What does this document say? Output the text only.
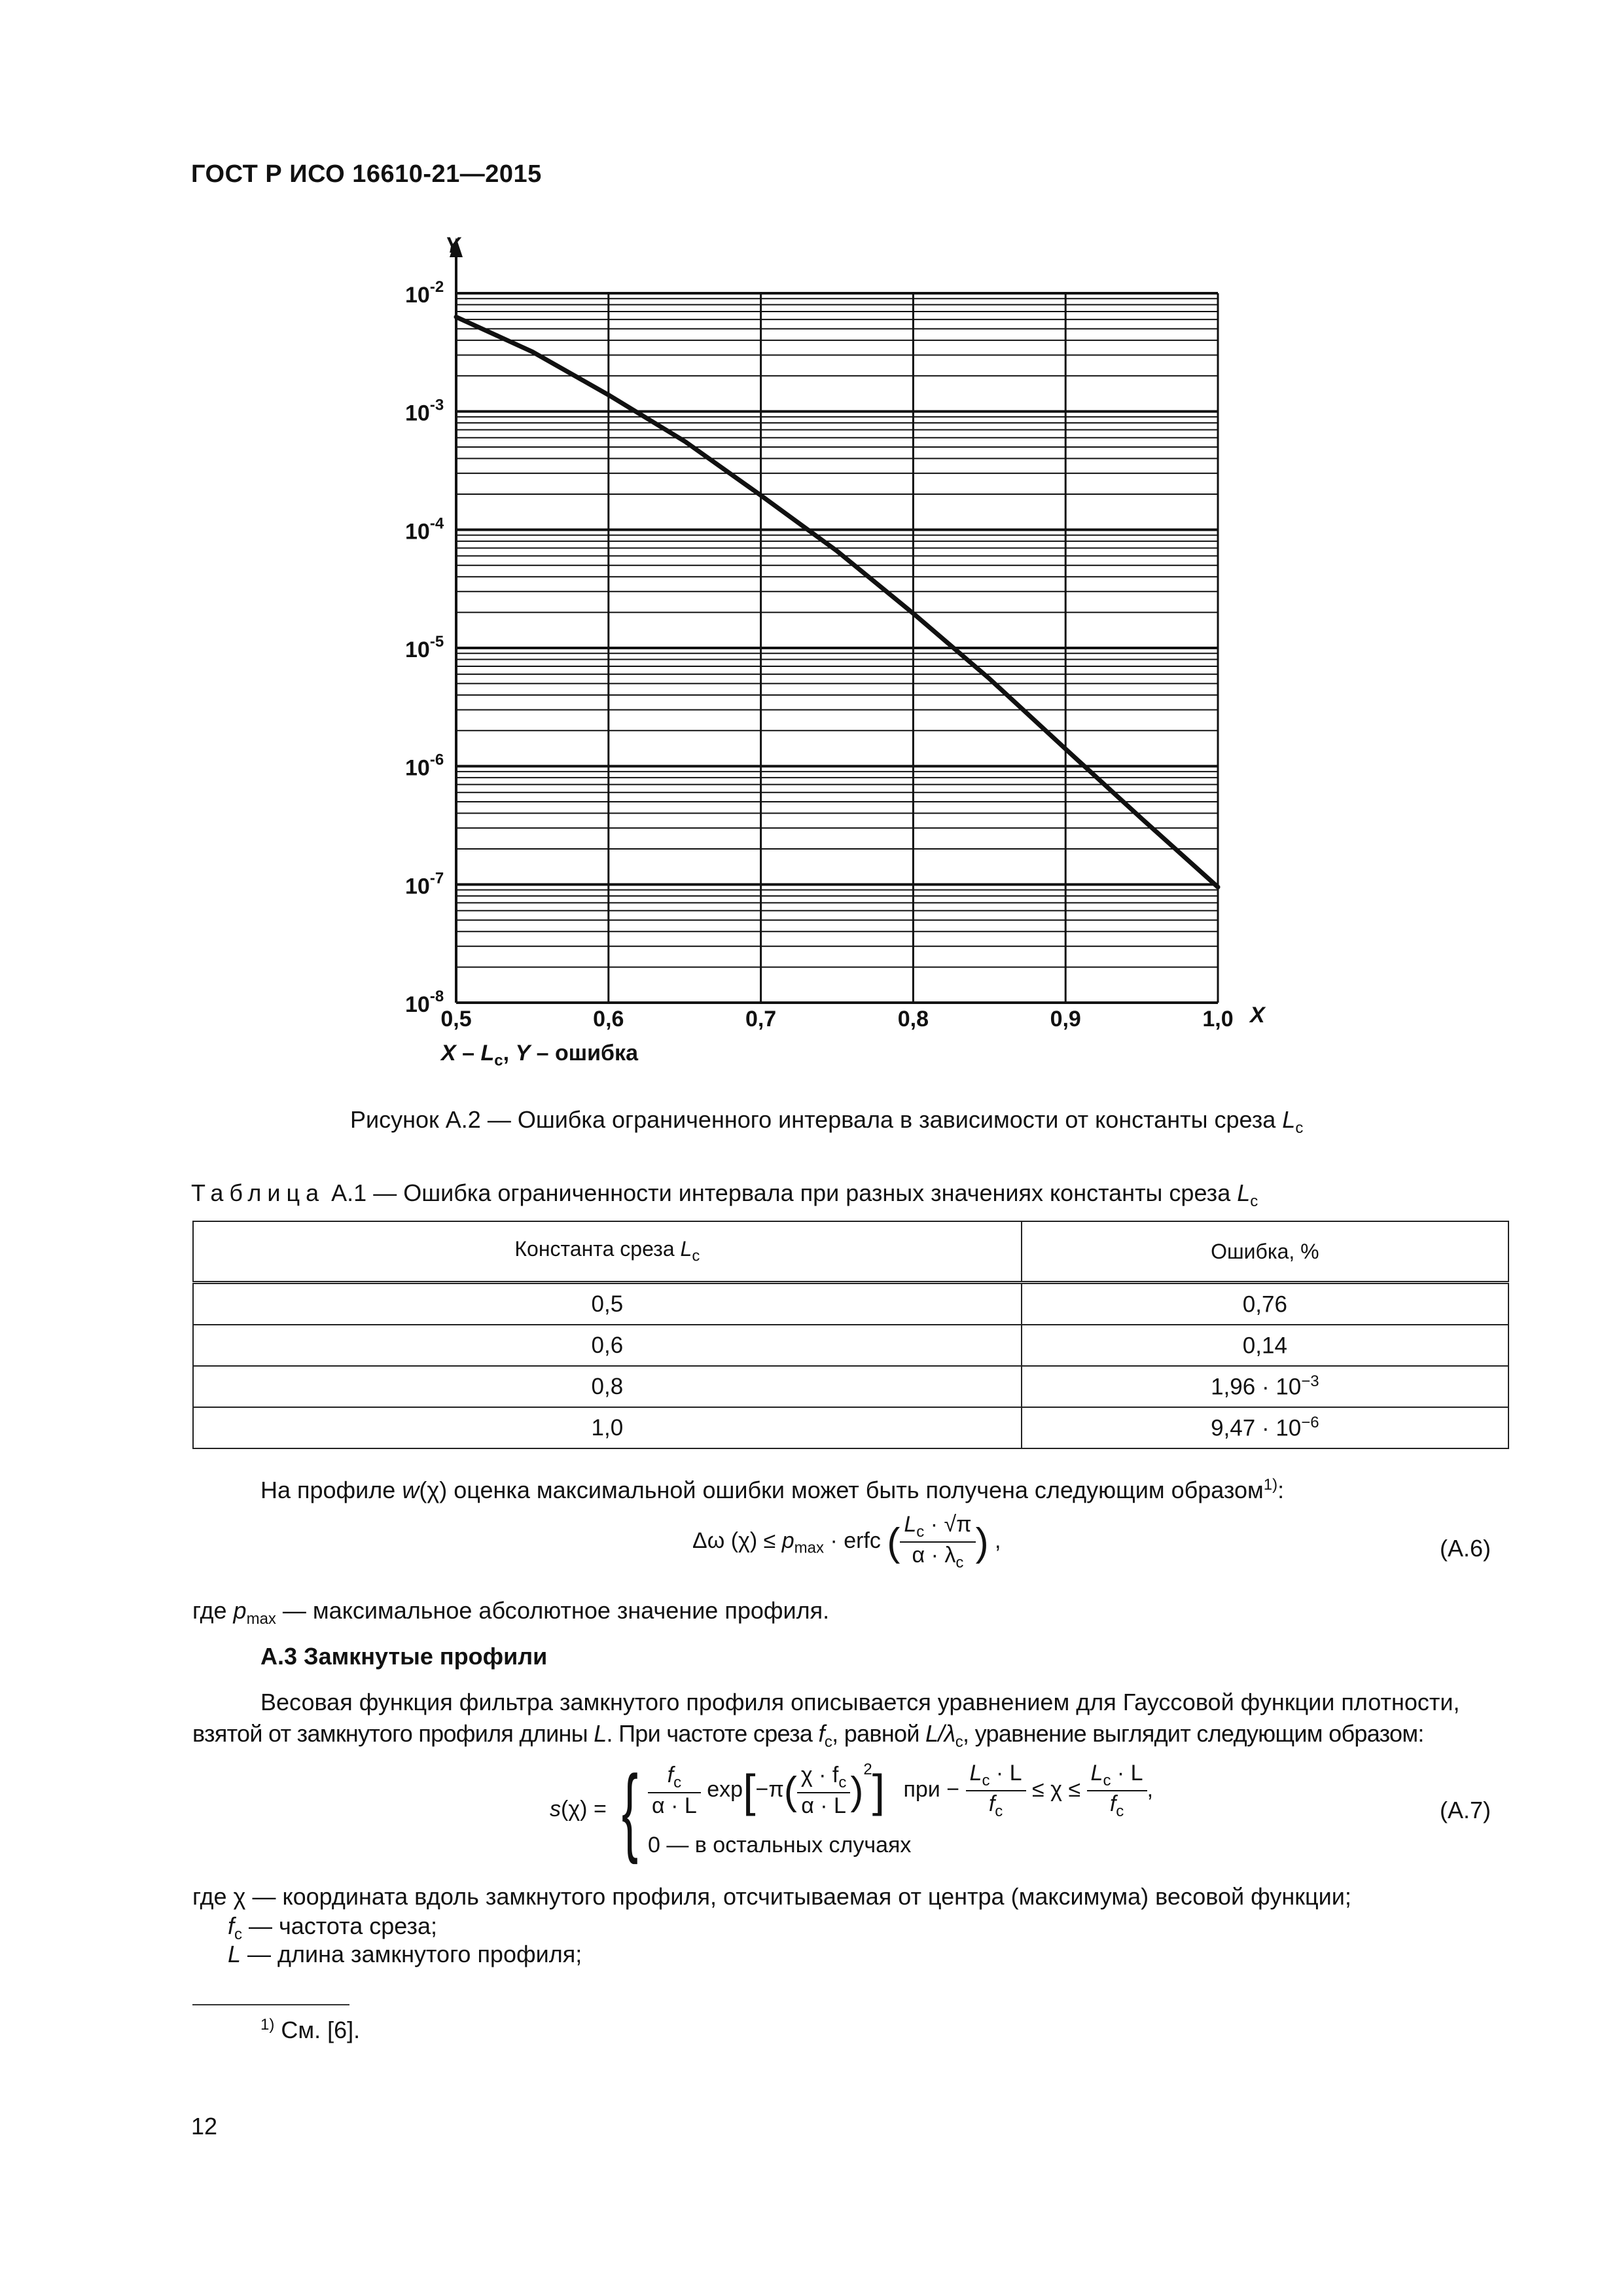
ГОСТ Р ИСО 16610-21—2015
$10^{-2}$
$10^{-3}$
$10^{-4}$
$10^{-5}$
$10^{-6}$
$10^{-7}$
$10^{-8}$
0,5	0,6	0,7	0,8	0,9	1,0
Y
X
X – $L_c$, Y – ошибка
Рисунок А.2 — Ошибка ограниченного интервала в зависимости от константы среза $L_c$
Таблица А.1 — Ошибка ограниченности интервала при разных значениях константы среза $L_c$
Константа среза $L_c$	Ошибка, %
0,5	0,76
0,6	0,14
0,8	$1,96 \cdot 10^{-3}$
1,0	$9,47 \cdot 10^{-6}$
На профиле w(χ) оценка максимальной ошибки может быть получена следующим образом$^{1)}$:
Δω $(\chi) \le p_{max}$ · erfc ( $\frac{L_c \cdot √\pi}{\alpha \cdot \lambda_c}$ ) ,	(А.6)
где $p_{max}$ — максимальное абсолютное значение профиля.
А.3 Замкнутые профили
Весовая функция фильтра замкнутого профиля описывается уравнением для Гауссовой функции плотности,
взятой от замкнутого профиля длины L. При частоте среза $f_c$, равной $L/\lambda_c$, уравнение выглядит следующим образом:
s(χ) = { $\frac{f_c}{\alpha \cdot L} \exp[-\pi( \frac{\chi \cdot f_c}{\alpha \cdot L} )^2]$ при − $\frac{L_c \cdot L}{f_c} \le \chi \le \frac{L_c \cdot L}{f_c}$ ,
0 — в остальных случаях
(А.7)
где χ — координата вдоль замкнутого профиля, отсчитываемая от центра (максимума) весовой функции;
$f_c$ — частота среза;
L — длина замкнутого профиля;
$^{1)}$ См. [6].
12
